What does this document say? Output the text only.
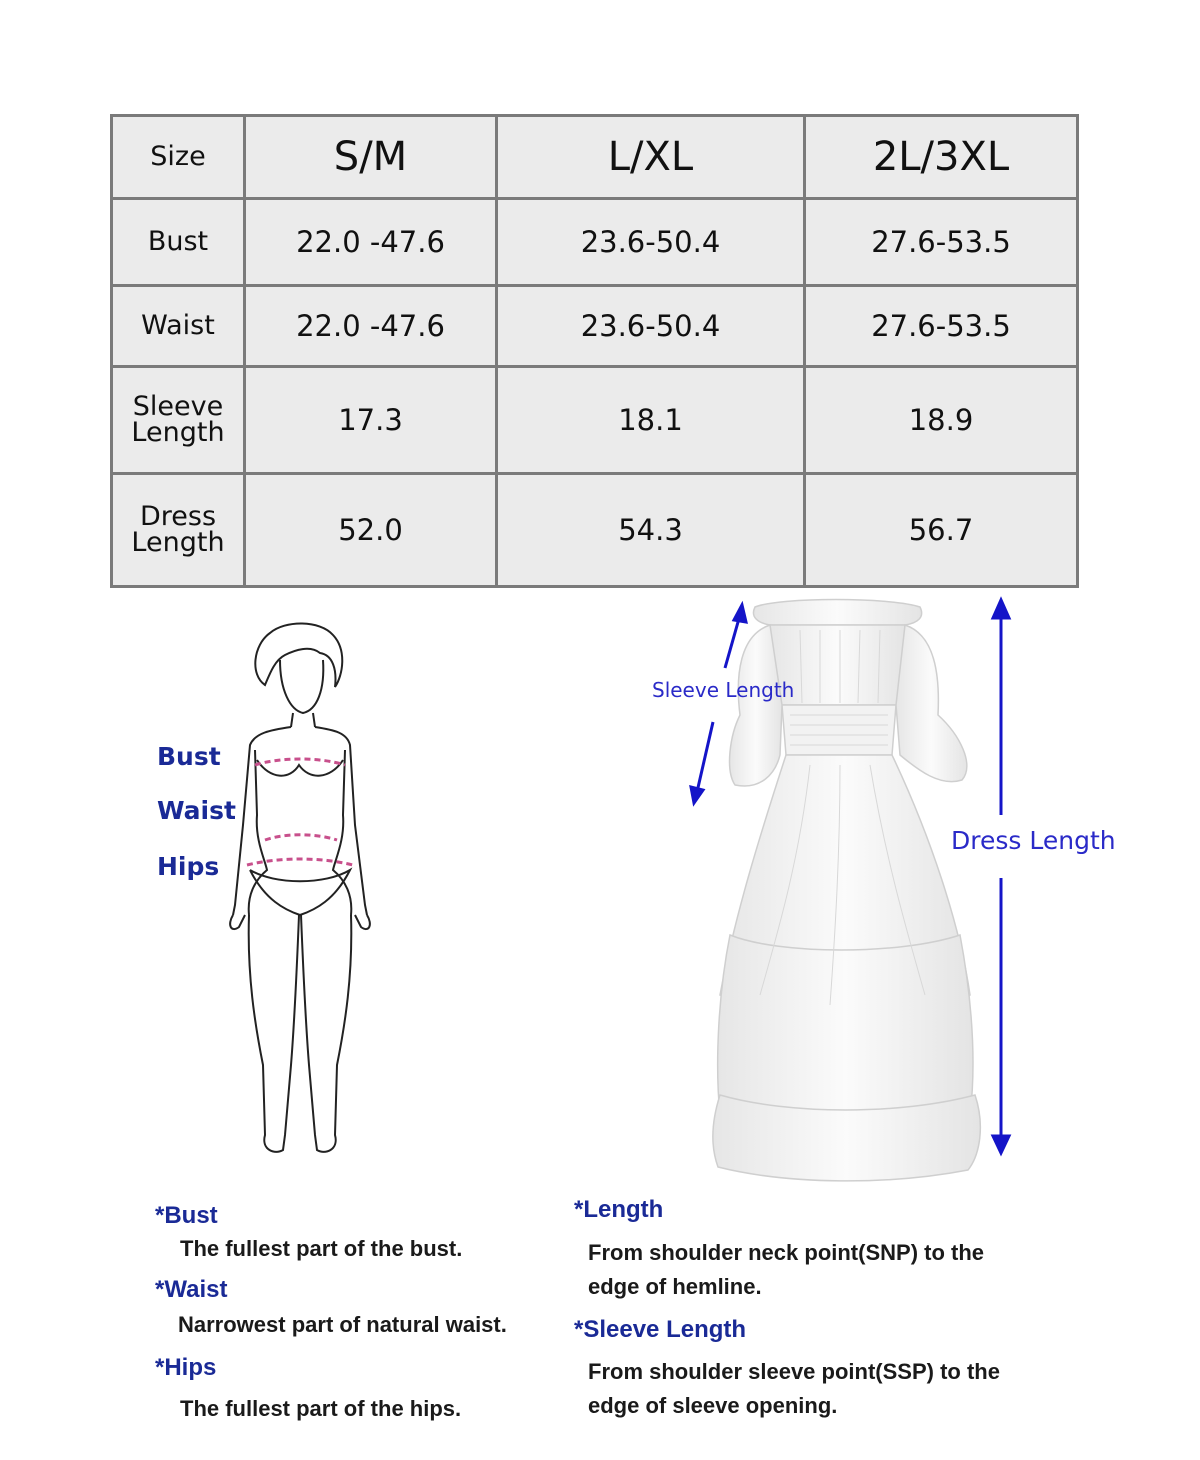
Size	S/M	L/XL	2L/3XL
Bust	22.0 -47.6	23.6-50.4	27.6-53.5
Waist	22.0 -47.6	23.6-50.4	27.6-53.5
Sleeve
Length	17.3	18.1	18.9
Dress
Length	52.0	54.3	56.7
Bust
Waist
Hips
Sleeve Length
Dress Length
*Bust
The fullest part of the bust.
*Waist
Narrowest part of natural waist.
*Hips
The fullest part of the hips.
*Length
From shoulder neck point(SNP) to the
edge of hemline.
*Sleeve Length
From shoulder sleeve point(SSP) to the
edge of sleeve opening.
